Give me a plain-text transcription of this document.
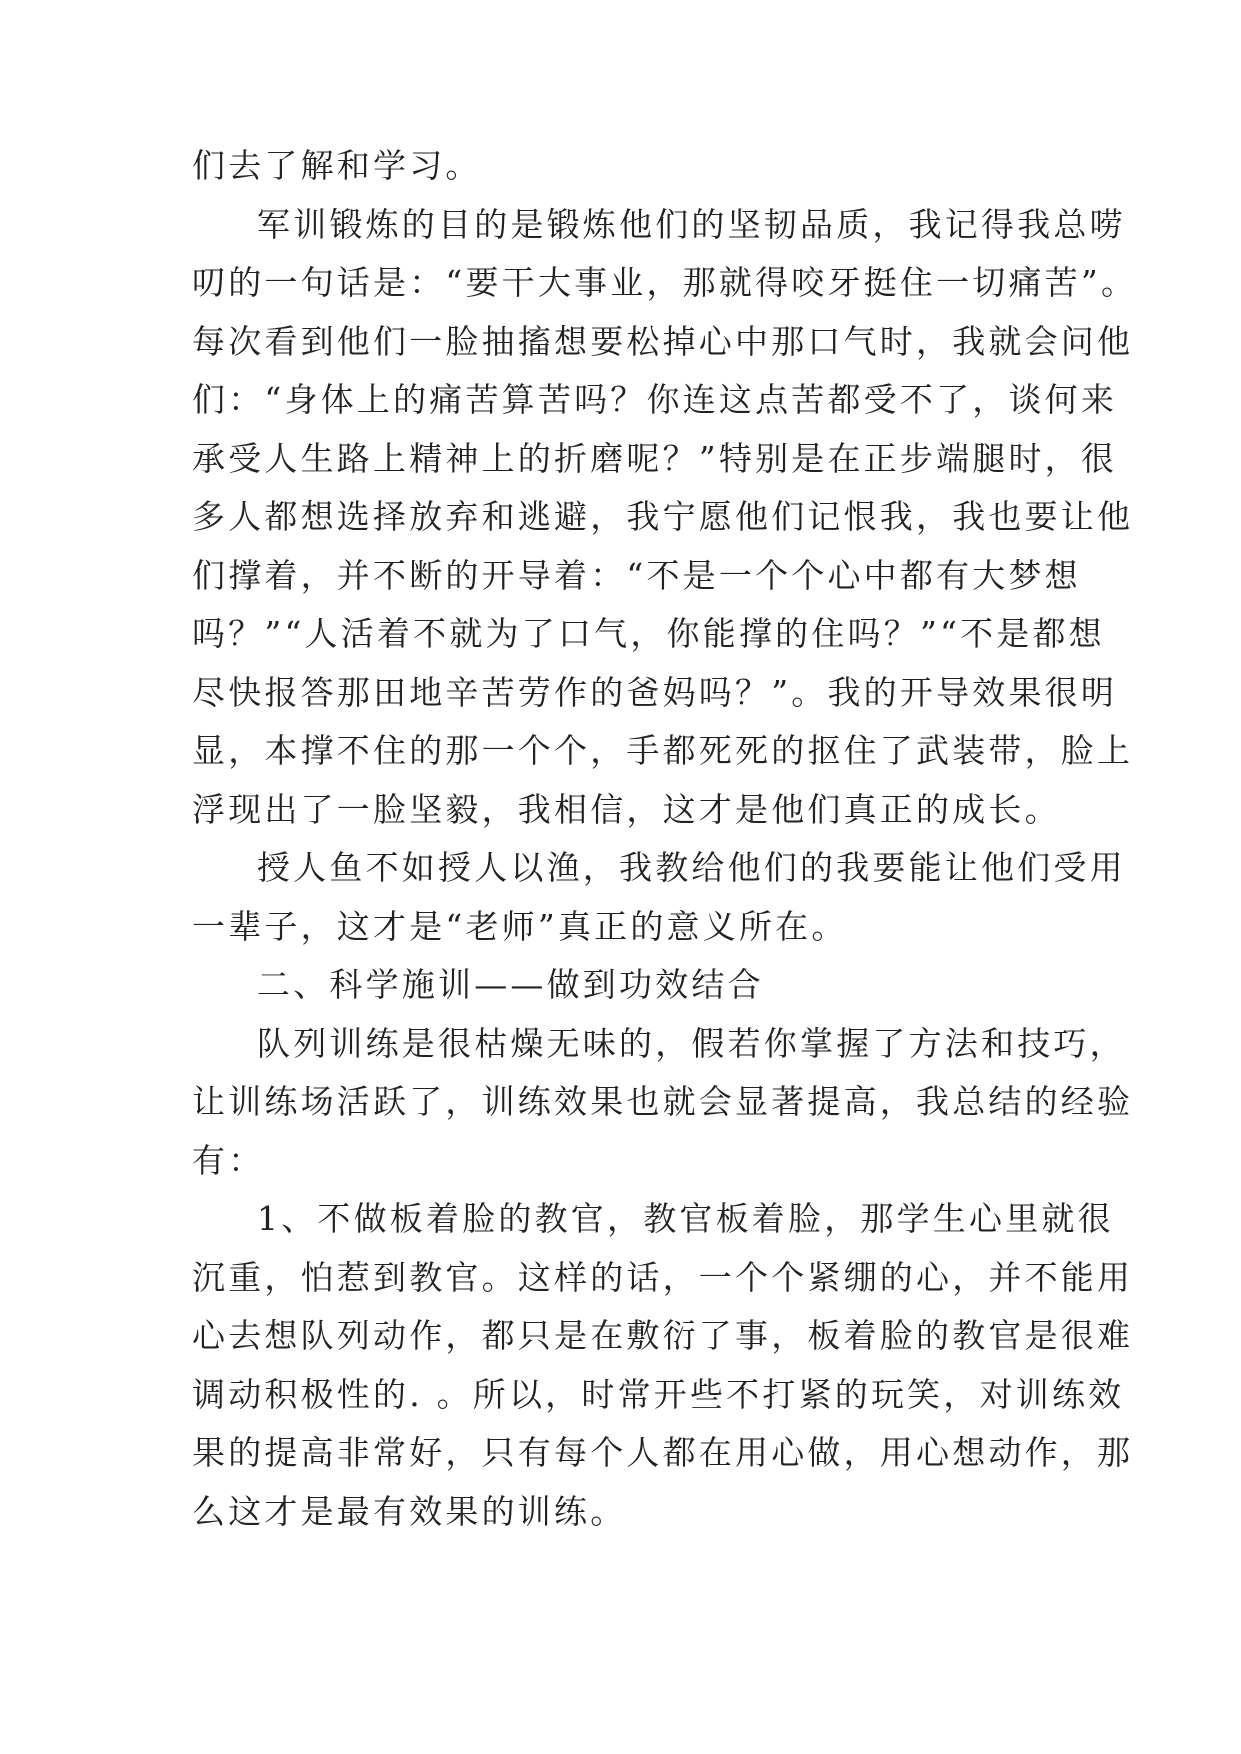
们去了解和学习。
军训锻炼的目的是锻炼他们的坚韧品质，我记得我总唠
叨的一句话是：“要干大事业，那就得咬牙挺住一切痛苦”。
每次看到他们一脸抽搐想要松掉心中那口气时，我就会问他
们：“身体上的痛苦算苦吗？你连这点苦都受不了，谈何来
承受人生路上精神上的折磨呢？”特别是在正步端腿时，很
多人都想选择放弃和逃避，我宁愿他们记恨我，我也要让他
们撑着，并不断的开导着：“不是一个个心中都有大梦想
吗？”“人活着不就为了口气，你能撑的住吗？”“不是都想
尽快报答那田地辛苦劳作的爸妈吗？”。我的开导效果很明
显，本撑不住的那一个个，手都死死的抠住了武装带，脸上
浮现出了一脸坚毅，我相信，这才是他们真正的成长。
授人鱼不如授人以渔，我教给他们的我要能让他们受用
一辈子，这才是“老师”真正的意义所在。
二、科学施训——做到功效结合
队列训练是很枯燥无味的，假若你掌握了方法和技巧，
让训练场活跃了，训练效果也就会显著提高，我总结的经验
有：
1、不做板着脸的教官，教官板着脸，那学生心里就很
沉重，怕惹到教官。这样的话，一个个紧绷的心，并不能用
心去想队列动作，都只是在敷衍了事，板着脸的教官是很难
调动积极性的. 。所以，时常开些不打紧的玩笑，对训练效
果的提高非常好，只有每个人都在用心做，用心想动作，那
么这才是最有效果的训练。
